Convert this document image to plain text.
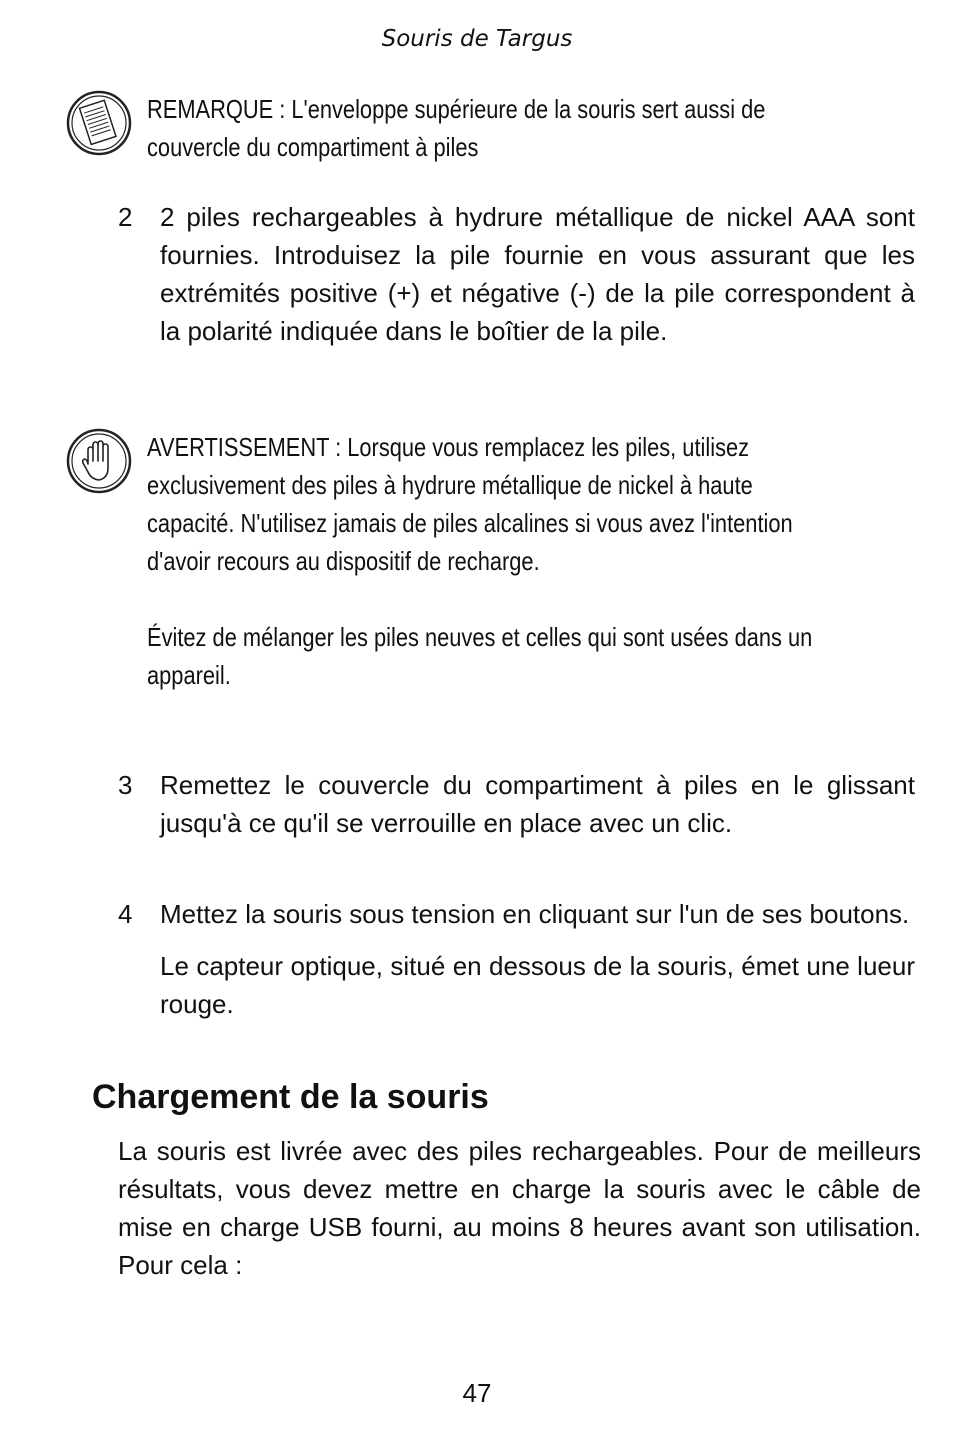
Souris de Targus

REMARQUE : L'enveloppe supérieure de la souris sert aussi de couvercle du compartiment à piles

2	2 piles rechargeables à hydrure métallique de nickel AAA sont fournies. Introduisez la pile fournie en vous assurant que les extrémités positive (+) et négative (-) de la pile correspondent à la polarité indiquée dans le boîtier de la pile.

AVERTISSEMENT : Lorsque vous remplacez les piles, utilisez exclusivement des piles à hydrure métallique de nickel à haute capacité. N'utilisez jamais de piles alcalines si vous avez l'intention d'avoir recours au dispositif de recharge.

Évitez de mélanger les piles neuves et celles qui sont usées dans un appareil.

3	Remettez le couvercle du compartiment à piles en le glissant jusqu'à ce qu'il se verrouille en place avec un clic.

4	Mettez la souris sous tension en cliquant sur l'un de ses boutons.

Le capteur optique, situé en dessous de la souris, émet une lueur rouge.

Chargement de la souris
La souris est livrée avec des piles rechargeables. Pour de meilleurs résultats, vous devez mettre en charge la souris avec le câble de mise en charge USB fourni, au moins 8 heures avant son utilisation. Pour cela :
47
